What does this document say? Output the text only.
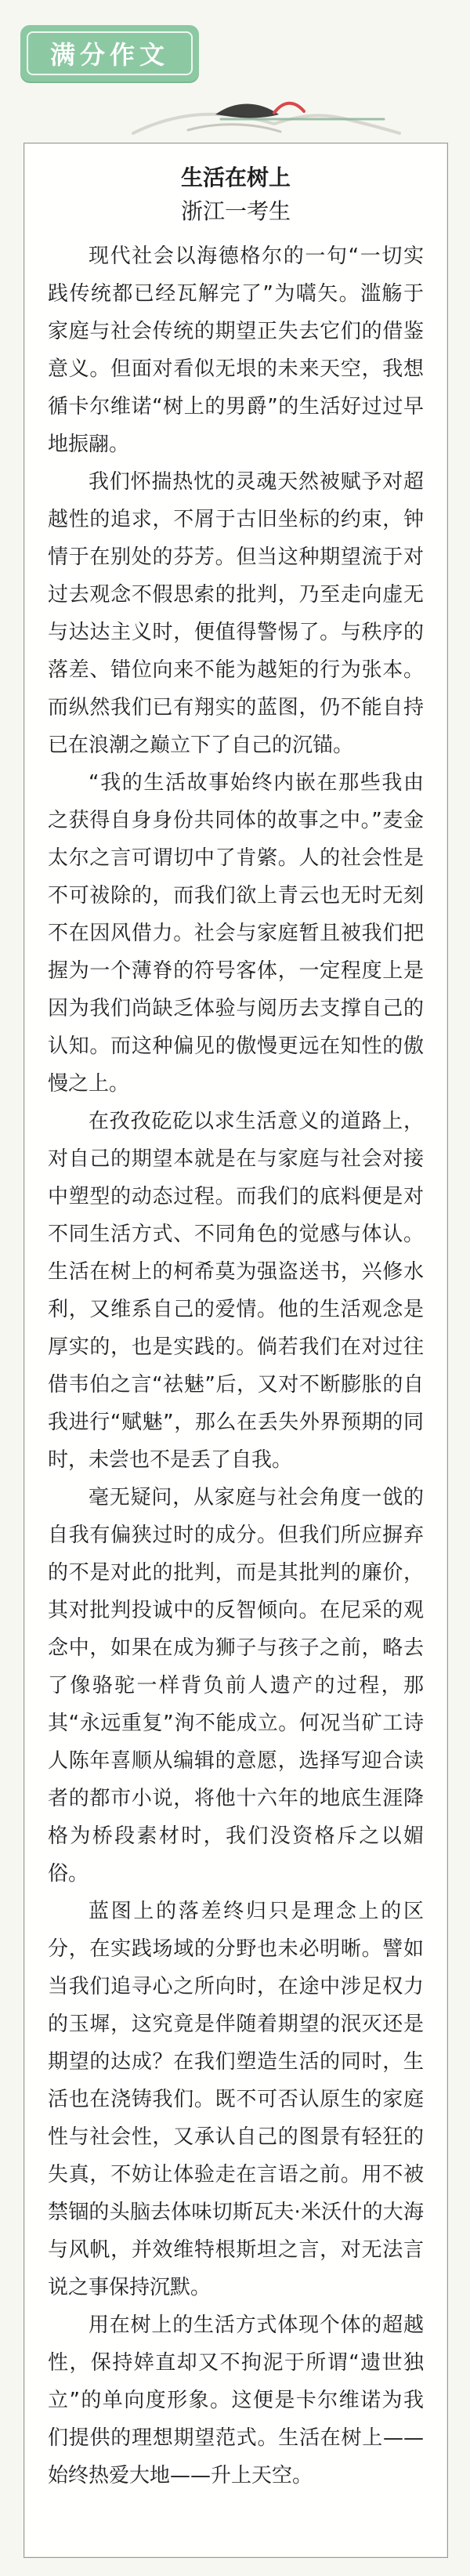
满分作文
生活在树上
浙江一考生

现代社会以海德格尔的一句“一切实践传统都已经瓦解完了”为嚆矢。滥觞于家庭与社会传统的期望正失去它们的借鉴意义。但面对看似无垠的未来天空，我想循卡尔维诺“树上的男爵”的生活好过过早地振翮。

我们怀揣热忱的灵魂天然被赋予对超越性的追求，不屑于古旧坐标的约束，钟情于在别处的芬芳。但当这种期望流于对过去观念不假思索的批判，乃至走向虚无与达达主义时，便值得警惕了。与秩序的落差、错位向来不能为越矩的行为张本。而纵然我们已有翔实的蓝图，仍不能自持已在浪潮之巅立下了自己的沉锚。

“我的生活故事始终内嵌在那些我由之获得自身身份共同体的故事之中。”麦金太尔之言可谓切中了肯綮。人的社会性是不可祓除的，而我们欲上青云也无时无刻不在因风借力。社会与家庭暂且被我们把握为一个薄脊的符号客体，一定程度上是因为我们尚缺乏体验与阅历去支撑自己的认知。而这种偏见的傲慢更远在知性的傲慢之上。

在孜孜矻矻以求生活意义的道路上，对自己的期望本就是在与家庭与社会对接中塑型的动态过程。而我们的底料便是对不同生活方式、不同角色的觉感与体认。生活在树上的柯希莫为强盗送书，兴修水利，又维系自己的爱情。他的生活观念是厚实的，也是实践的。倘若我们在对过往借韦伯之言“祛魅”后，又对不断膨胀的自我进行“赋魅”，那么在丢失外界预期的同时，未尝也不是丢了自我。

毫无疑问，从家庭与社会角度一戗的自我有偏狭过时的成分。但我们所应摒弃的不是对此的批判，而是其批判的廉价，其对批判投诚中的反智倾向。在尼采的观念中，如果在成为狮子与孩子之前，略去了像骆驼一样背负前人遗产的过程，那其“永远重复”洵不能成立。何况当矿工诗人陈年喜顺从编辑的意愿，选择写迎合读者的都市小说，将他十六年的地底生涯降格为桥段素材时，我们没资格斥之以媚俗。

蓝图上的落差终归只是理念上的区分，在实践场域的分野也未必明晰。譬如当我们追寻心之所向时，在途中涉足权力的玉墀，这究竟是伴随着期望的泯灭还是期望的达成？在我们塑造生活的同时，生活也在浇铸我们。既不可否认原生的家庭性与社会性，又承认自己的图景有轻狂的失真，不妨让体验走在言语之前。用不被禁锢的头脑去体味切斯瓦夫·米沃什的大海与风帆，并效维特根斯坦之言，对无法言说之事保持沉默。

用在树上的生活方式体现个体的超越性，保持婞直却又不拘泥于所谓“遗世独立”的单向度形象。这便是卡尔维诺为我们提供的理想期望范式。生活在树上——始终热爱大地——升上天空。
